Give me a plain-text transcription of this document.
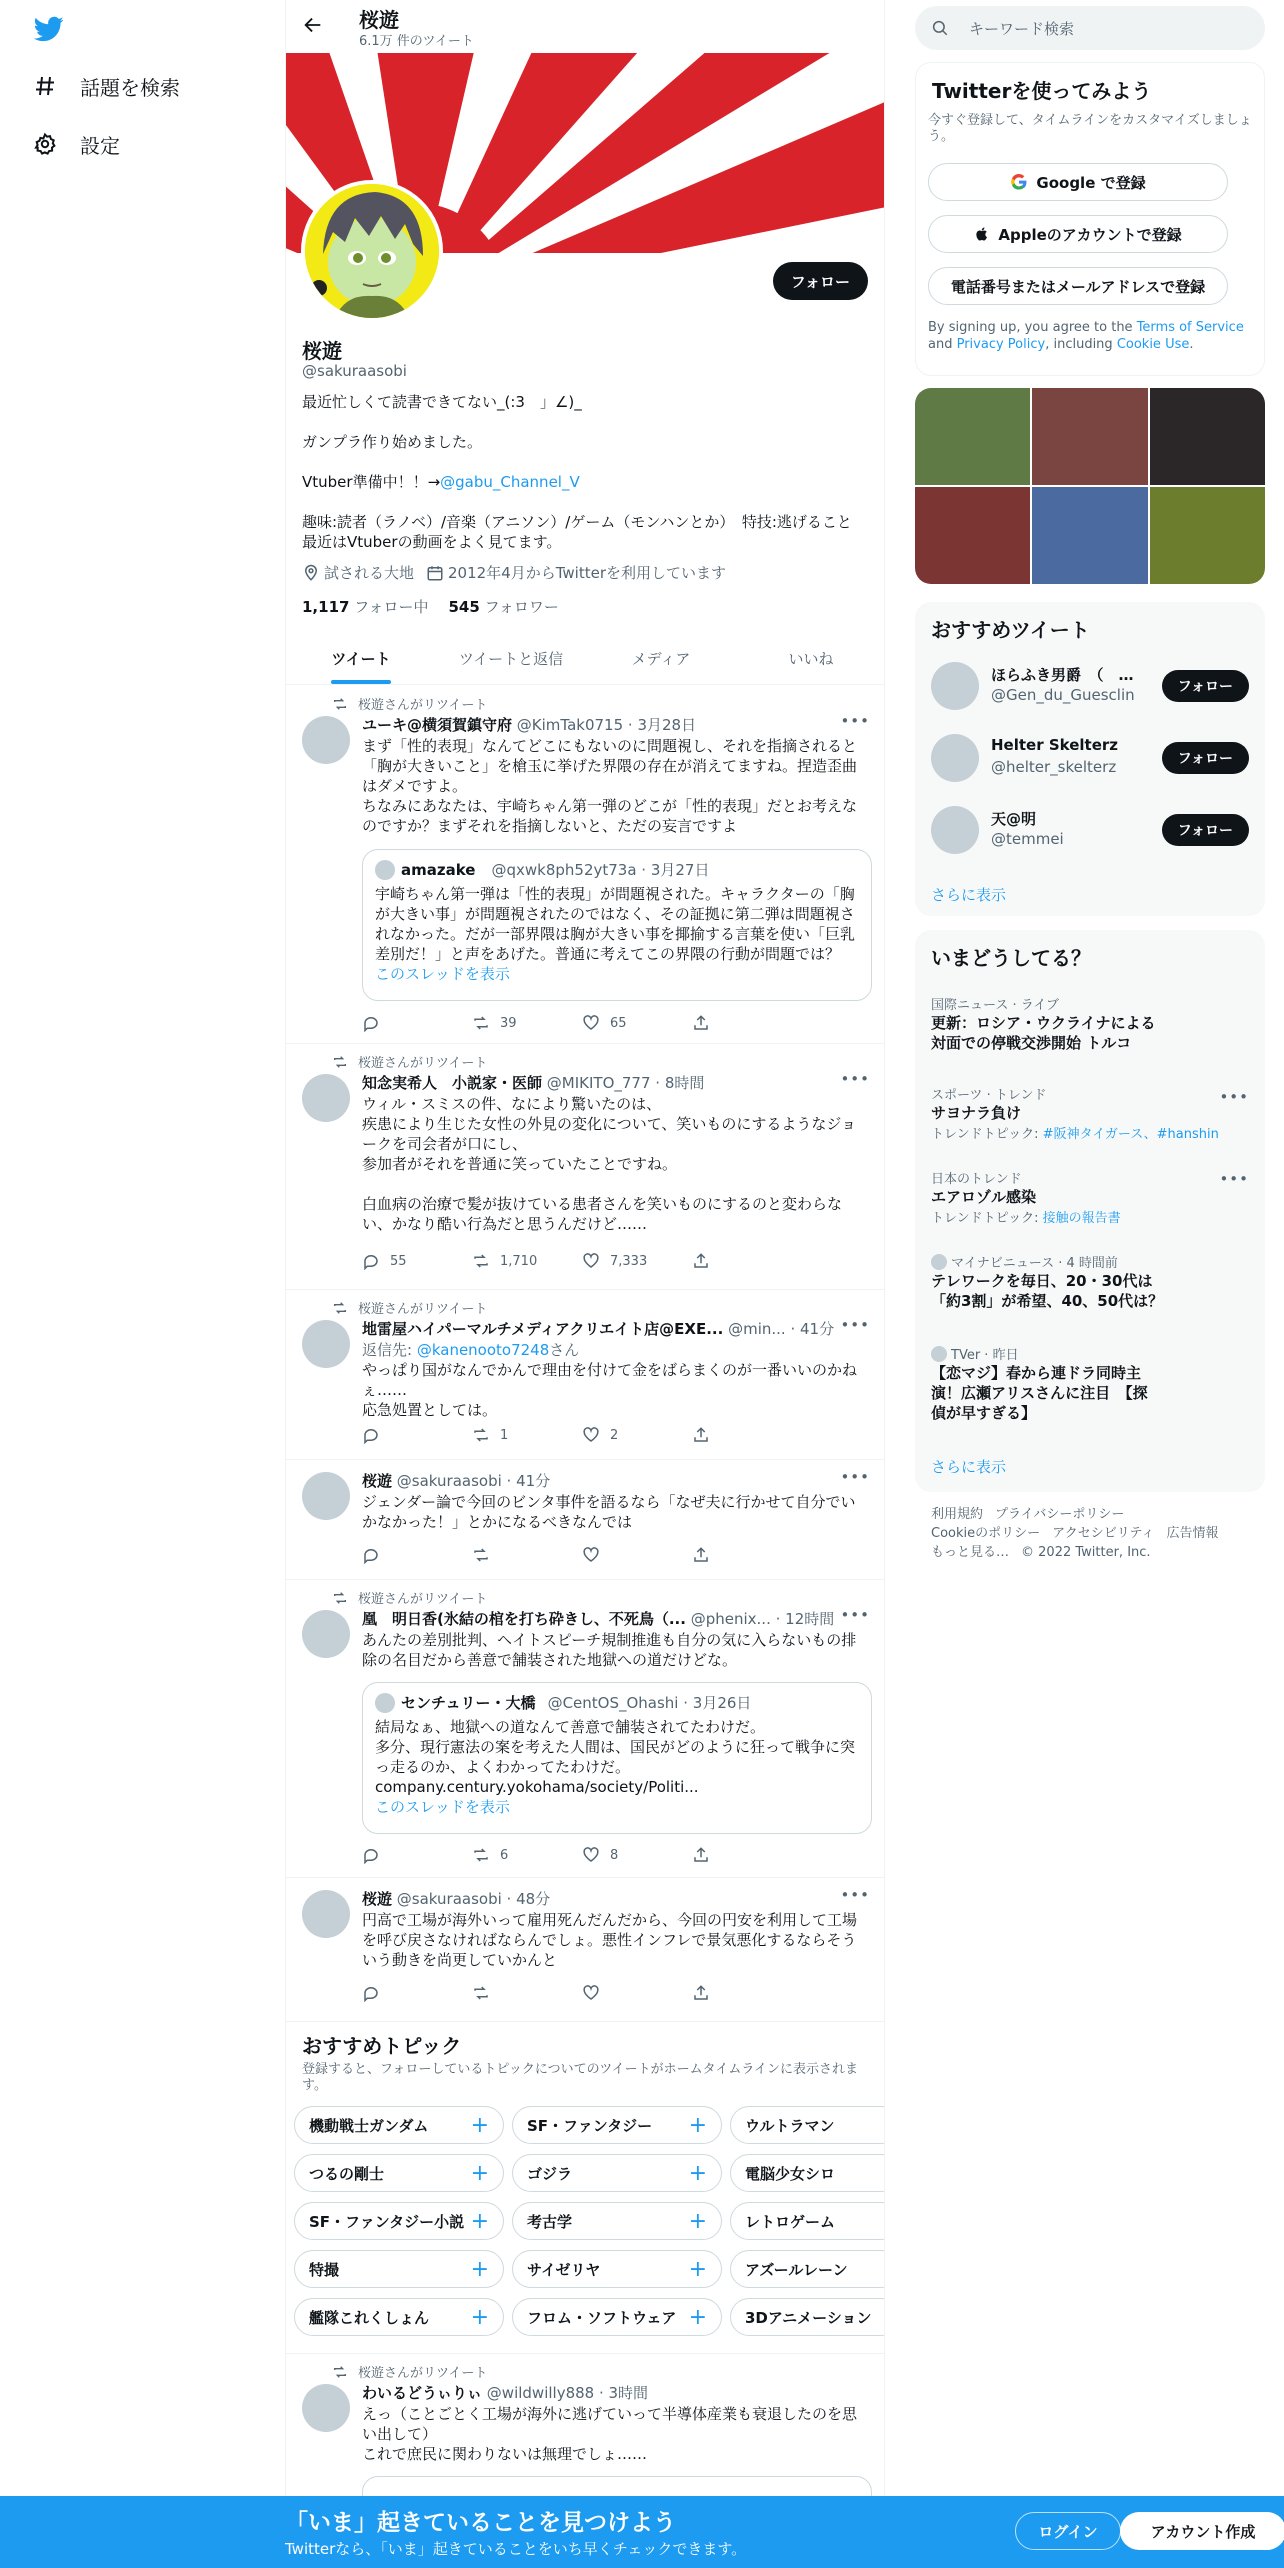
話題を検索
設定
桜遊
6.1万 件のツイート
フォロー
桜遊
@sakuraasobi

最近忙しくて読書できてない_(:3　」∠)_

ガンプラ作り始めました。

Vtuber準備中！！→@gabu_Channel_V

趣味:読者（ラノベ）/音楽（アニソン）/ゲーム（モンハンとか）　特技:逃げること

最近はVtuberの動画をよく見てます。

試される大地 2012年4月からTwitterを利用しています
1,117 フォロー中 545 フォロワー
ツイート	ツイートと返信	メディア	いいね
桜遊さんがリツイート
ユーキ@横須賀鎮守府 @KimTak0715 · 3月28日	•••
まず「性的表現」なんてどこにもないのに問題視し、それを指摘されると
「胸が大きいこと」を槍玉に挙げた界隈の存在が消えてますね。捏造歪曲
はダメですよ。
ちなみにあなたは、宇崎ちゃん第一弾のどこが「性的表現」だとお考えな
のですか？まずそれを指摘しないと、ただの妄言ですよ
amazake @qxwk8ph52yt73a · 3月27日
宇崎ちゃん第一弾は「性的表現」が問題視された。キャラクターの「胸
が大きい事」が問題視されたのではなく、その証拠に第二弾は問題視さ
れなかった。だが一部界隈は胸が大きい事を揶揄する言葉を使い「巨乳
差別だ！」と声をあげた。普通に考えてこの界隈の行動が問題では？
このスレッドを表示
39	65
桜遊さんがリツイート
知念実希人　小説家・医師 @MIKITO_777 · 8時間	•••
ウィル・スミスの件、なにより驚いたのは、
疾患により生じた女性の外見の変化について、笑いものにするようなジョ
ークを司会者が口にし、
参加者がそれを普通に笑っていたことですね。
白血病の治療で髪が抜けている患者さんを笑いものにするのと変わらな
い、かなり酷い行為だと思うんだけど……
55	1,710	7,333
桜遊さんがリツイート
地雷屋ハイパーマルチメディアクリエイト店@EXE... @min... · 41分 •••
返信先: @kanenooto7248さん
やっぱり国がなんでかんで理由を付けて金をばらまくのが一番いいのかね
ぇ……
応急処置としては。
1	2
桜遊 @sakuraasobi · 41分	•••
ジェンダー論で今回のビンタ事件を語るなら「なぜ夫に行かせて自分でい
かなかった！」とかになるべきなんでは
桜遊さんがリツイート
凰　明日香(氷結の棺を打ち砕きし、不死鳥（... @phenix... · 12時間 •••
あんたの差別批判、ヘイトスピーチ規制推進も自分の気に入らないもの排
除の名目だから善意で舗装された地獄への道だけどな。
センチュリー・大橋 @CentOS_Ohashi · 3月26日
結局なぁ、地獄への道なんて善意で舗装されてたわけだ。
多分、現行憲法の案を考えた人間は、国民がどのように狂って戦争に突
っ走るのか、よくわかってたわけだ。
company.century.yokohama/society/Politi...
このスレッドを表示
6	8
桜遊 @sakuraasobi · 48分	•••
円高で工場が海外いって雇用死んだんだから、今回の円安を利用して工場
を呼び戻さなければならんでしょ。悪性インフレで景気悪化するならそう
いう動きを尚更していかんと
おすすめトピック
登録すると、フォローしているトピックについてのツイートがホームタイムラインに表示されます。
機動戦士ガンダム +	SF・ファンタジー +	ウルトラマン
つるの剛士	+	ゴジラ	+	電脳少女シロ
SF・ファンタジー小説 +	考古学	+	レトロゲーム
特撮	+	サイゼリヤ	+	アズールレーン
艦隊これくしょん +	フロム・ソフトウェア +	3Dアニメーション
桜遊さんがリツイート
わいるどうぃりぃ @wildwilly888 · 3時間
えっ（ことごとく工場が海外に逃げていって半導体産業も衰退したのを思
い出して）
これで庶民に関わりないは無理でしょ……
キーワード検索
Twitterを使ってみよう
今すぐ登録して、タイムラインをカスタマイズしましょう。
Google で登録
Appleのアカウントで登録
電話番号またはメールアドレスで登録
By signing up, you agree to the Terms of Service and Privacy Policy, including Cookie Use.
おすすめツイート
ほらふき男爵　（　…
@Gen_du_Guesclin	フォロー
Helter Skelterz
@helter_skelterz	フォロー
天@明
@temmei	フォロー
さらに表示
いまどうしてる？
国際ニュース · ライブ
更新：ロシア・ウクライナによる
対面での停戦交渉開始 トルコ
スポーツ · トレンド
サヨナラ負け
トレンドトピック: #阪神タイガース、#hanshin
•••
日本のトレンド
エアロゾル感染
トレンドトピック: 接触の報告書
•••
マイナビニュース · 4 時間前
テレワークを毎日、20・30代は
「約3割」が希望、40、50代は？
TVer · 昨日
【恋マジ】春から連ドラ同時主
演！広瀬アリスさんに注目　【探
偵が早すぎる】
さらに表示
利用規約 プライバシーポリシー
Cookieのポリシー アクセシビリティ 広告情報
もっと見る… © 2022 Twitter, Inc.
「いま」起きていることを見つけよう
Twitterなら、「いま」起きていることをいち早くチェックできます。
ログイン	アカウント作成
